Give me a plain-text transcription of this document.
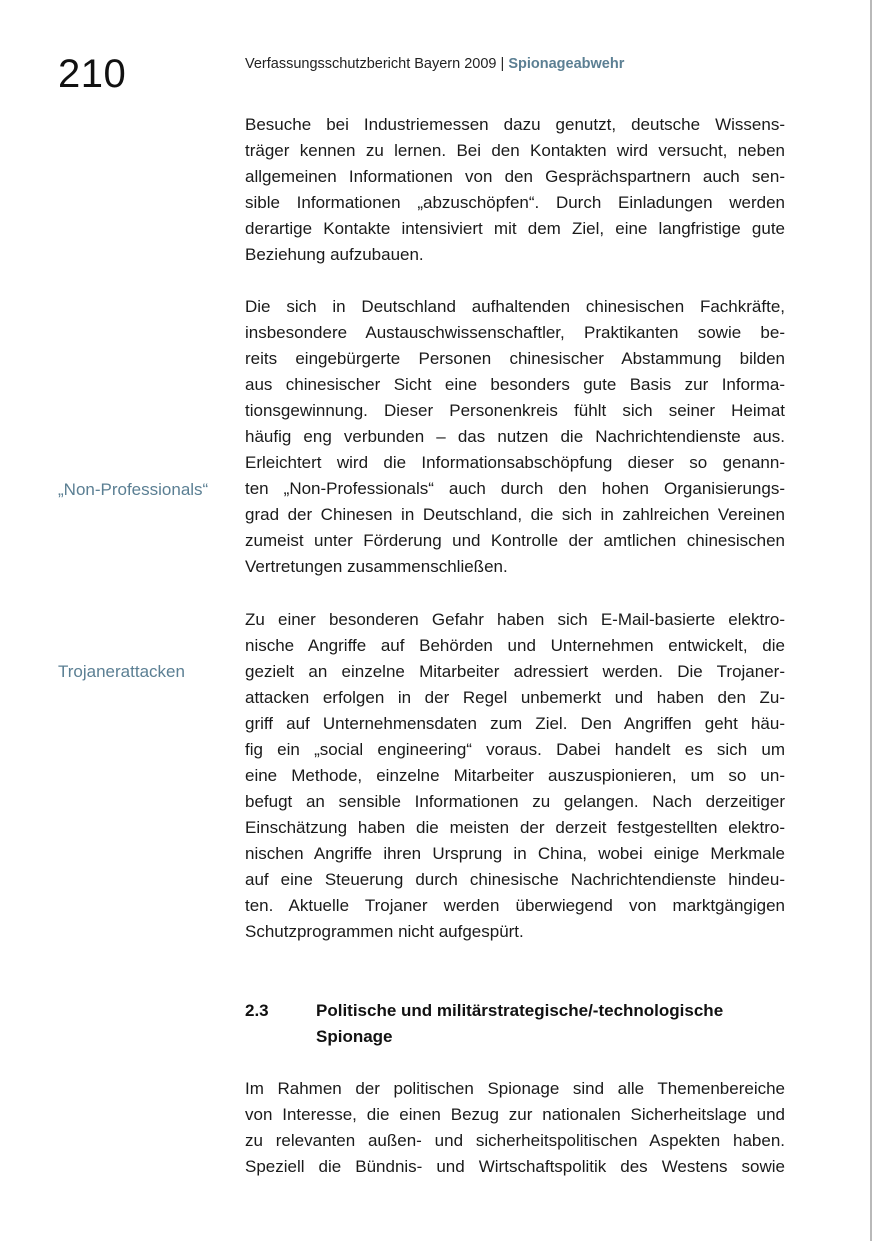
210	Verfassungsschutzbericht Bayern 2009 | Spionageabwehr
Besuche bei Industriemessen dazu genutzt, deutsche Wissens-
träger kennen zu lernen. Bei den Kontakten wird versucht, neben
allgemeinen Informationen von den Gesprächspartnern auch sen-
sible Informationen „abzuschöpfen“. Durch Einladungen werden
derartige Kontakte intensiviert mit dem Ziel, eine langfristige gute
Beziehung aufzubauen.
Die sich in Deutschland aufhaltenden chinesischen Fachkräfte,
insbesondere Austauschwissenschaftler, Praktikanten sowie be-
reits eingebürgerte Personen chinesischer Abstammung bilden
aus chinesischer Sicht eine besonders gute Basis zur Informa-
tionsgewinnung. Dieser Personenkreis fühlt sich seiner Heimat
häufig eng verbunden – das nutzen die Nachrichtendienste aus.
Erleichtert wird die Informationsabschöpfung dieser so genann-
ten „Non-Professionals“ auch durch den hohen Organisierungs-
grad der Chinesen in Deutschland, die sich in zahlreichen Vereinen
zumeist unter Förderung und Kontrolle der amtlichen chinesischen
Vertretungen zusammenschließen.
„Non-Professionals“
Zu einer besonderen Gefahr haben sich E-Mail-basierte elektro-
nische Angriffe auf Behörden und Unternehmen entwickelt, die
gezielt an einzelne Mitarbeiter adressiert werden. Die Trojaner-
attacken erfolgen in der Regel unbemerkt und haben den Zu-
griff auf Unternehmensdaten zum Ziel. Den Angriffen geht häu-
fig ein „social engineering“ voraus. Dabei handelt es sich um
eine Methode, einzelne Mitarbeiter auszuspionieren, um so un-
befugt an sensible Informationen zu gelangen. Nach derzeitiger
Einschätzung haben die meisten der derzeit festgestellten elektro-
nischen Angriffe ihren Ursprung in China, wobei einige Merkmale
auf eine Steuerung durch chinesische Nachrichtendienste hindeu-
ten. Aktuelle Trojaner werden überwiegend von marktgängigen
Schutzprogrammen nicht aufgespürt.
Trojanerattacken
2.3	Politische und militärstrategische/-technologische
Spionage
Im Rahmen der politischen Spionage sind alle Themenbereiche
von Interesse, die einen Bezug zur nationalen Sicherheitslage und
zu relevanten außen- und sicherheitspolitischen Aspekten haben.
Speziell die Bündnis- und Wirtschaftspolitik des Westens sowie
